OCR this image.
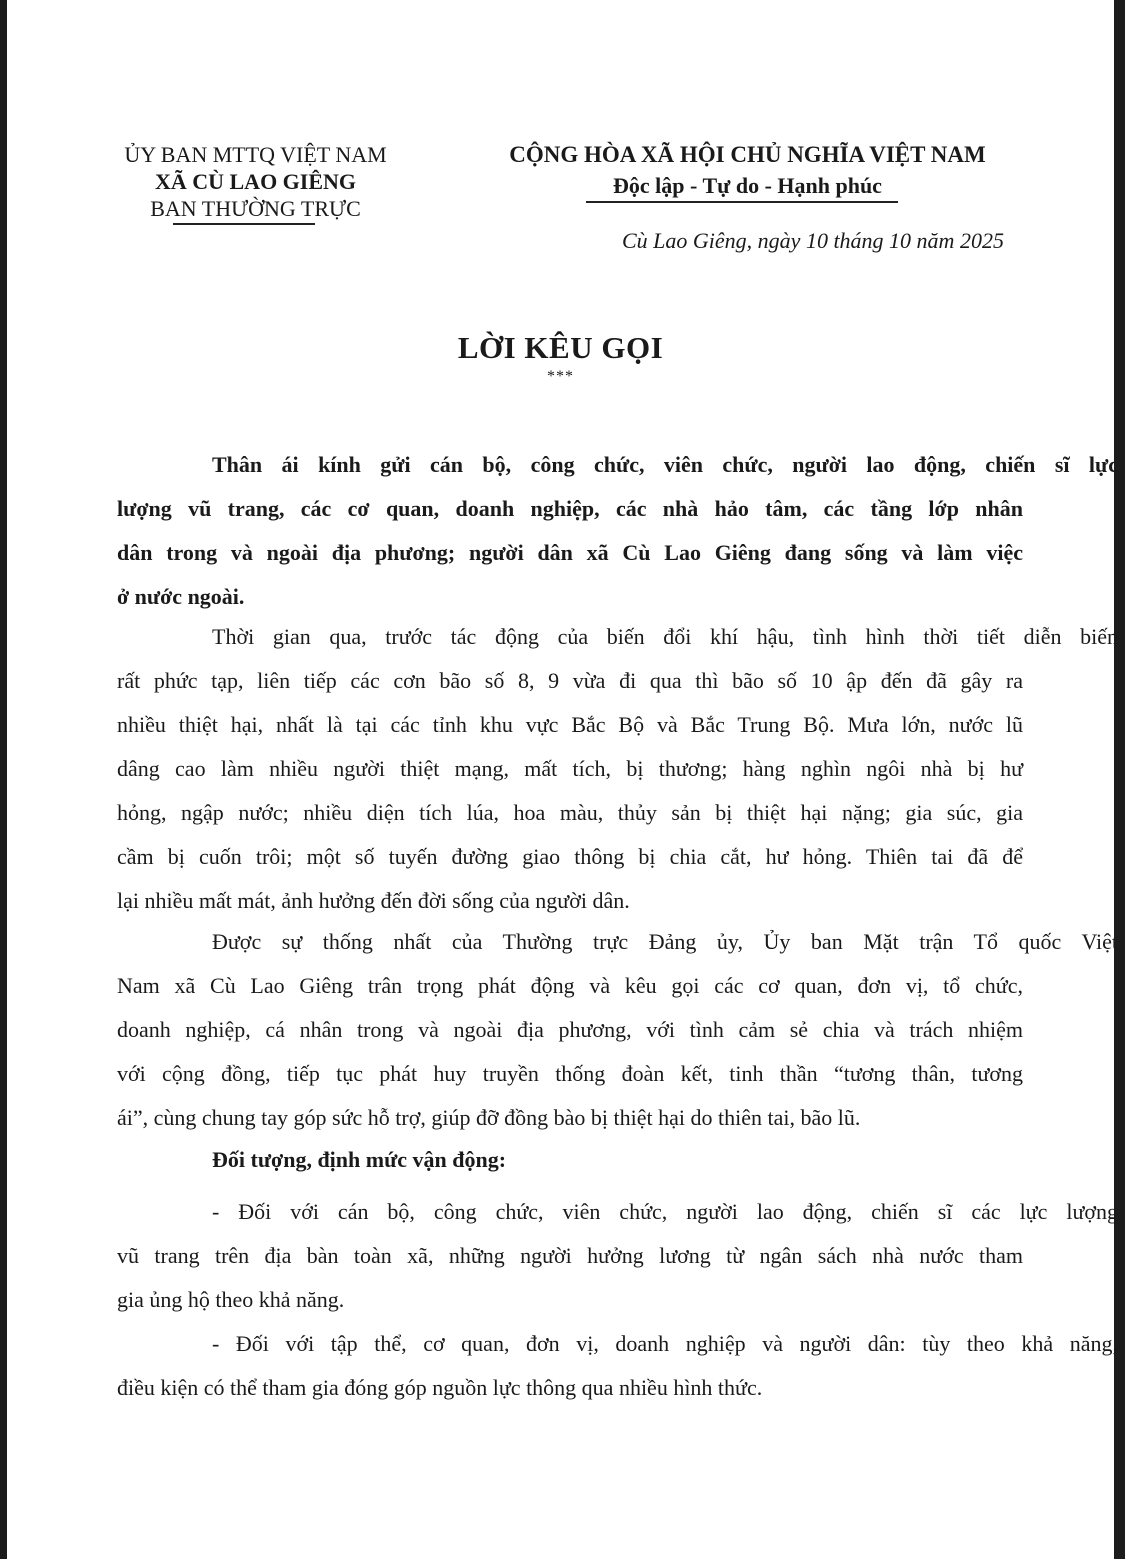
ỦY BAN MTTQ VIỆT NAM
XÃ CÙ LAO GIÊNG
BAN THƯỜNG TRỰC
CỘNG HÒA XÃ HỘI CHỦ NGHĨA VIỆT NAM
Độc lập - Tự do - Hạnh phúc
Cù Lao Giêng, ngày 10 tháng 10 năm 2025
LỜI KÊU GỌI
***
Thân ái kính gửi cán bộ, công chức, viên chức, người lao động, chiến sĩ lực
lượng vũ trang, các cơ quan, doanh nghiệp, các nhà hảo tâm, các tầng lớp nhân
dân trong và ngoài địa phương; người dân xã Cù Lao Giêng đang sống và làm việc
ở nước ngoài.
Thời gian qua, trước tác động của biến đổi khí hậu, tình hình thời tiết diễn biến
rất phức tạp, liên tiếp các cơn bão số 8, 9 vừa đi qua thì bão số 10 ập đến đã gây ra
nhiều thiệt hại, nhất là tại các tỉnh khu vực Bắc Bộ và Bắc Trung Bộ. Mưa lớn, nước lũ
dâng cao làm nhiều người thiệt mạng, mất tích, bị thương; hàng nghìn ngôi nhà bị hư
hỏng, ngập nước; nhiều diện tích lúa, hoa màu, thủy sản bị thiệt hại nặng; gia súc, gia
cầm bị cuốn trôi; một số tuyến đường giao thông bị chia cắt, hư hỏng. Thiên tai đã để
lại nhiều mất mát, ảnh hưởng đến đời sống của người dân.
Được sự thống nhất của Thường trực Đảng ủy, Ủy ban Mặt trận Tổ quốc Việt
Nam xã Cù Lao Giêng trân trọng phát động và kêu gọi các cơ quan, đơn vị, tổ chức,
doanh nghiệp, cá nhân trong và ngoài địa phương, với tình cảm sẻ chia và trách nhiệm
với cộng đồng, tiếp tục phát huy truyền thống đoàn kết, tinh thần “tương thân, tương
ái”, cùng chung tay góp sức hỗ trợ, giúp đỡ đồng bào bị thiệt hại do thiên tai, bão lũ.
Đối tượng, định mức vận động:
- Đối với cán bộ, công chức, viên chức, người lao động, chiến sĩ các lực lượng
vũ trang trên địa bàn toàn xã, những người hưởng lương từ ngân sách nhà nước tham
gia ủng hộ theo khả năng.
- Đối với tập thể, cơ quan, đơn vị, doanh nghiệp và người dân: tùy theo khả năng,
điều kiện có thể tham gia đóng góp nguồn lực thông qua nhiều hình thức.
